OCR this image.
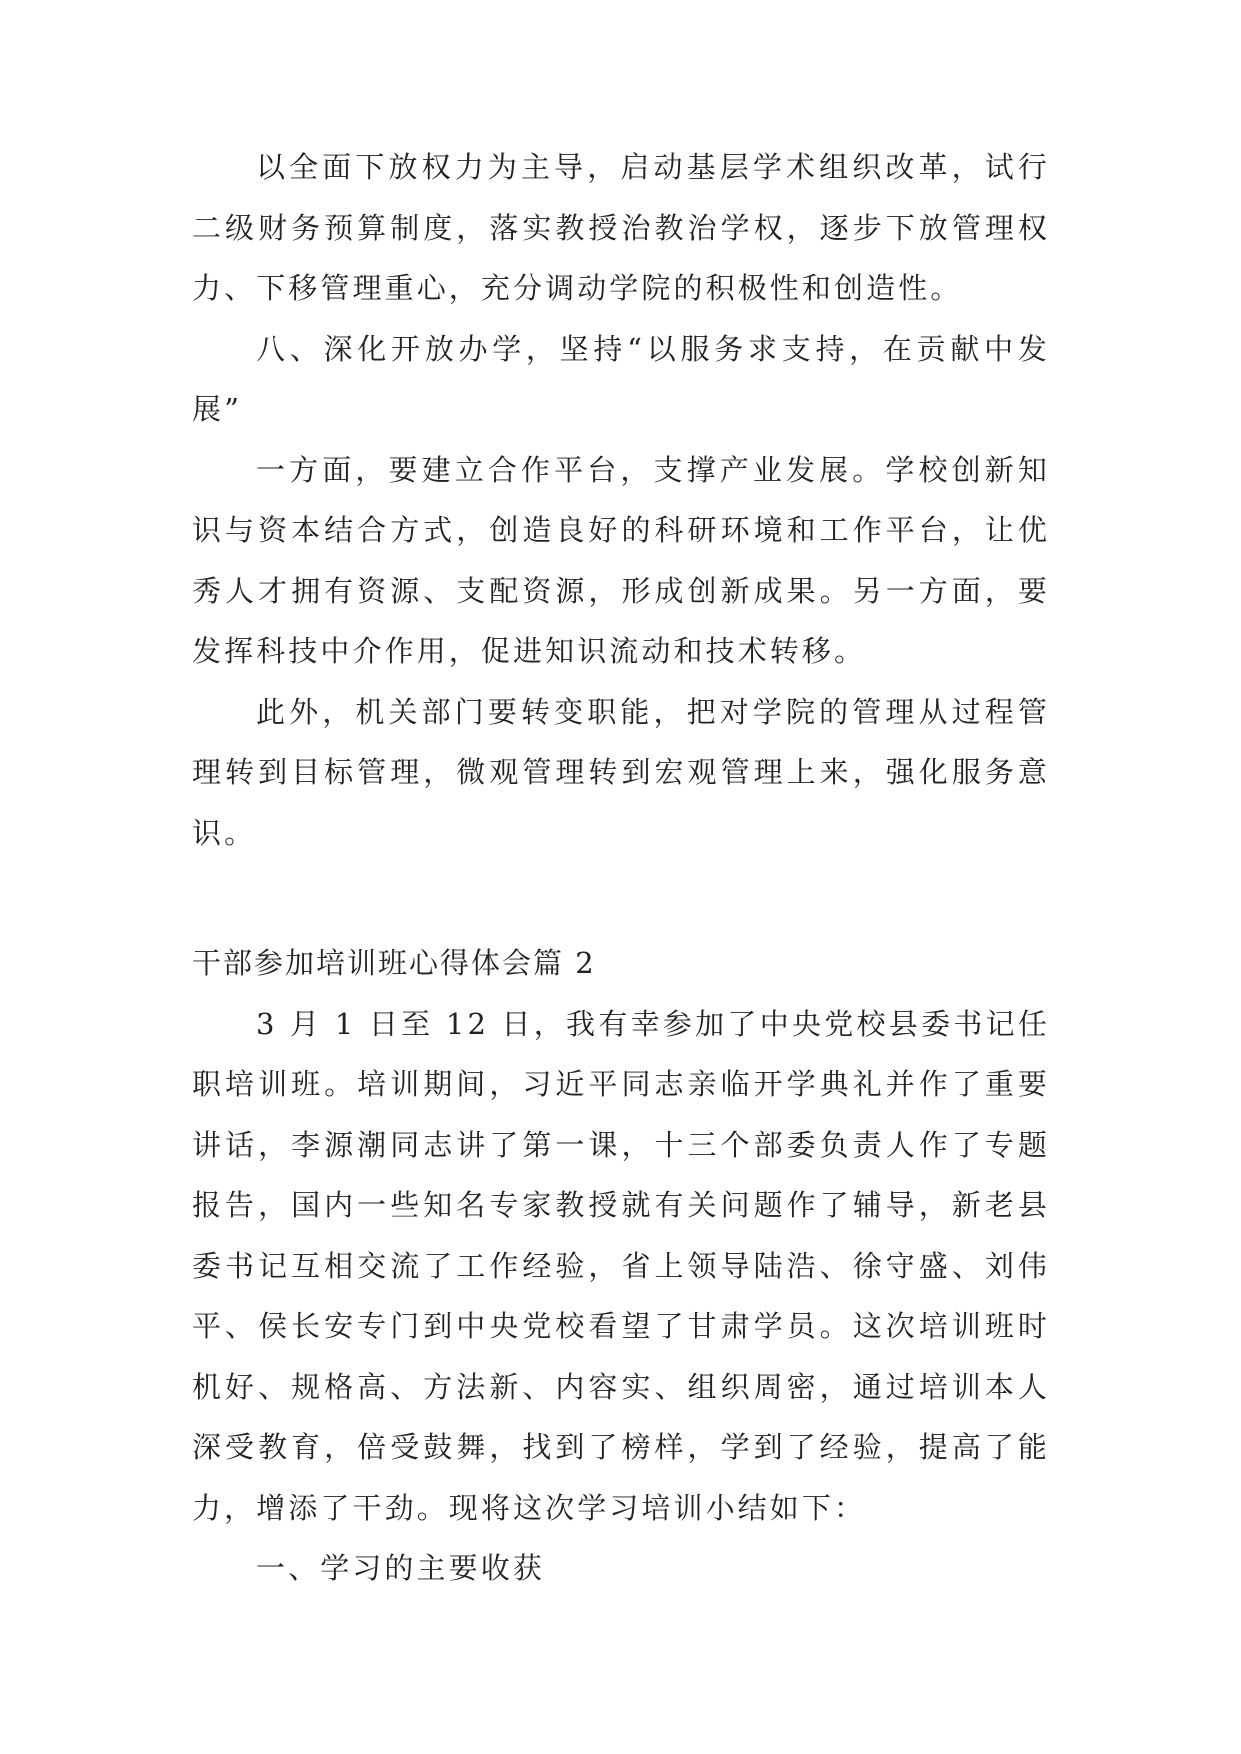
以全面下放权力为主导，启动基层学术组织改革，试行二级财务预算制度，落实教授治教治学权，逐步下放管理权力、下移管理重心，充分调动学院的积极性和创造性。

八、深化开放办学，坚持“以服务求支持，在贡献中发展”

一方面，要建立合作平台，支撑产业发展。学校创新知识与资本结合方式，创造良好的科研环境和工作平台，让优秀人才拥有资源、支配资源，形成创新成果。另一方面，要发挥科技中介作用，促进知识流动和技术转移。

此外，机关部门要转变职能，把对学院的管理从过程管理转到目标管理，微观管理转到宏观管理上来，强化服务意识。

干部参加培训班心得体会篇 2

3 月 1 日至 12 日，我有幸参加了中央党校县委书记任职培训班。培训期间，习近平同志亲临开学典礼并作了重要讲话，李源潮同志讲了第一课，十三个部委负责人作了专题报告，国内一些知名专家教授就有关问题作了辅导，新老县委书记互相交流了工作经验，省上领导陆浩、徐守盛、刘伟平、侯长安专门到中央党校看望了甘肃学员。这次培训班时机好、规格高、方法新、内容实、组织周密，通过培训本人深受教育，倍受鼓舞，找到了榜样，学到了经验，提高了能力，增添了干劲。现将这次学习培训小结如下：

一、学习的主要收获
